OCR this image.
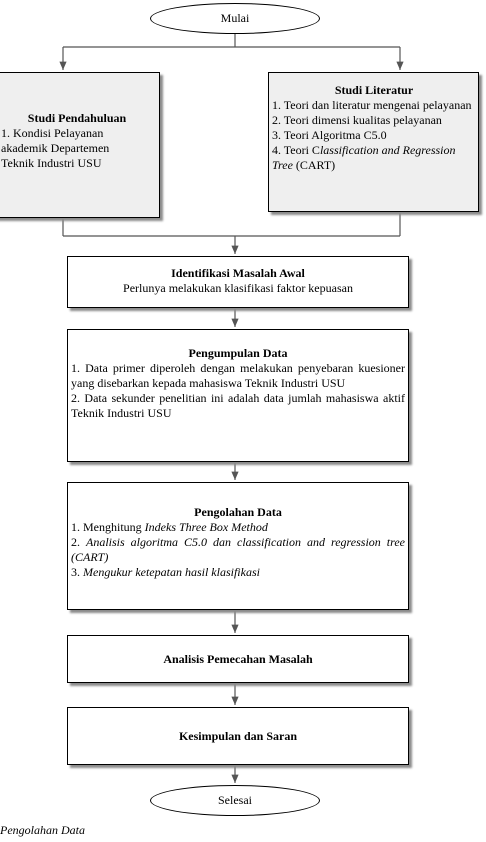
Mulai
Studi Pendahuluan
1. Kondisi Pelayanan
akademik Departemen
Teknik Industri USU
Studi Literatur
1. Teori dan literatur mengenai pelayanan
2. Teori dimensi kualitas pelayanan
3. Teori Algoritma C5.0
4. Teori Classification and Regression Tree (CART)
Identifikasi Masalah Awal
Perlunya melakukan klasifikasi faktor kepuasan
Pengumpulan Data
1. Data primer diperoleh dengan melakukan penyebaran kuesioner yang disebarkan kepada mahasiswa Teknik Industri USU
2. Data sekunder penelitian ini adalah data jumlah mahasiswa aktif Teknik Industri USU
Pengolahan Data
1. Menghitung Indeks Three Box Method
2. Analisis algoritma C5.0 dan classification and regression tree (CART)
3. Mengukur ketepatan hasil klasifikasi
Analisis Pemecahan Masalah
Kesimpulan dan Saran
Selesai
Pengolahan Data
